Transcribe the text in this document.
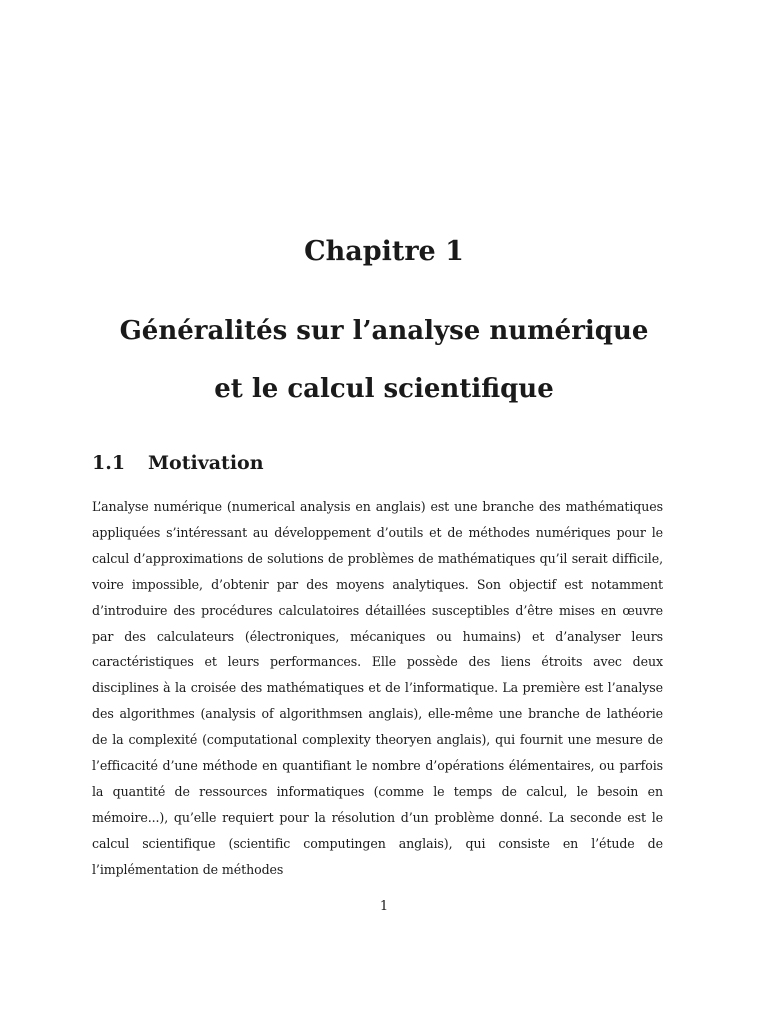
Chapitre 1
Généralités sur l’analyse numérique
et le calcul scientifique
1.1 Motivation

L’analyse numérique (numerical analysis en anglais) est une branche des mathématiques appliquées s’intéressant au développement d’outils et de méthodes numériques pour le calcul d’approximations de solutions de problèmes de mathématiques qu’il serait difficile, voire impossible, d’obtenir par des moyens analytiques. Son objectif est notamment d’introduire des procédures calculatoires détaillées susceptibles d’être mises en œuvre par des calculateurs (électroniques, mécaniques ou humains) et d’analyser leurs caractéristiques et leurs performances. Elle possède des liens étroits avec deux disciplines à la croisée des mathématiques et de l’informatique. La première est l’analyse des algorithmes (analysis of algorithmsen anglais), elle-même une branche de lathéorie de la complexité (computational complexity theoryen anglais), qui fournit une mesure de l’efficacité d’une méthode en quantifiant le nombre d’opérations élémentaires, ou parfois la quantité de ressources informatiques (comme le temps de calcul, le besoin en mémoire...), qu’elle requiert pour la résolution d’un problème donné. La seconde est le calcul scientifique (scientific computingen anglais), qui consiste en l’étude de l’implémentation de méthodes

1
